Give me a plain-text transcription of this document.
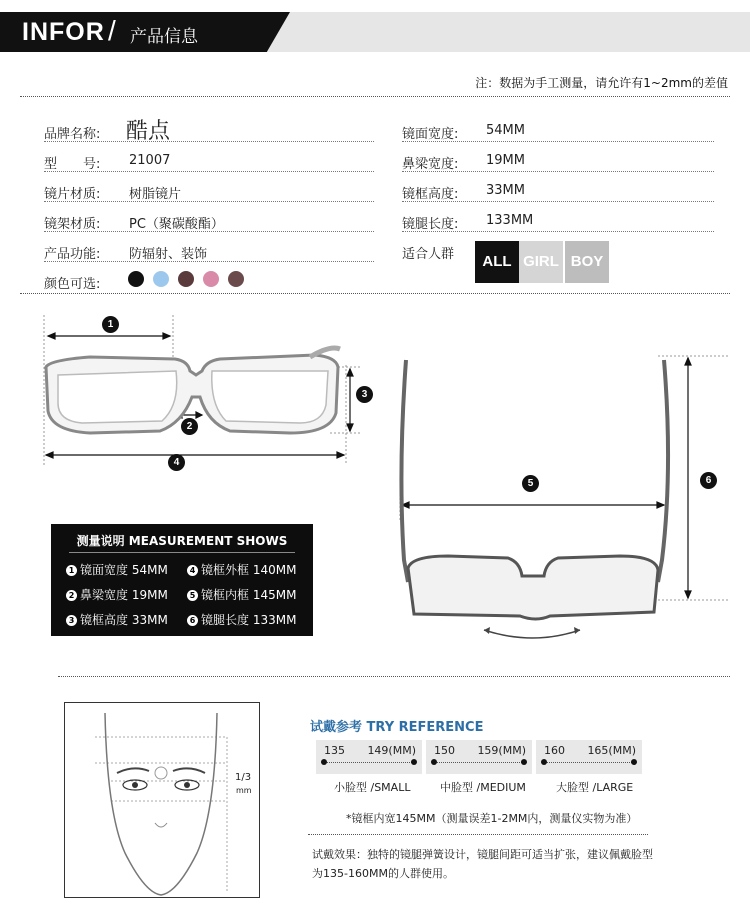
INFOR / 产品信息
注：数据为手工测量，请允许有1~2mm的差值
品牌名称: 酷点
型　　号: 21007
镜片材质: 树脂镜片
镜架材质: PC（聚碳酸酯）
产品功能: 防辐射、装饰
颜色可选:
镜面宽度: 54MM
鼻梁宽度: 19MM
镜框高度: 33MM
镜腿长度: 133MM
适合人群	ALL GIRL BOY
1
2
3
4
5	6
测量说明 MEASUREMENT SHOWS
1 镜面宽度 54MM	4 镜框外框 140MM
2 鼻梁宽度 19MM	5 镜框内框 145MM
3 镜框高度 33MM	6 镜腿长度 133MM
1/3
mm
试戴参考 TRY REFERENCE
135 149(MM) 150 159(MM) 160 165(MM)
小脸型 /SMALL	中脸型 /MEDIUM	大脸型 /LARGE
*镜框内宽145MM（测量误差1-2MM内，测量仪实物为准）
试戴效果：独特的镜腿弹簧设计，镜腿间距可适当扩张，建议佩戴脸型为135-160MM的人群使用。
